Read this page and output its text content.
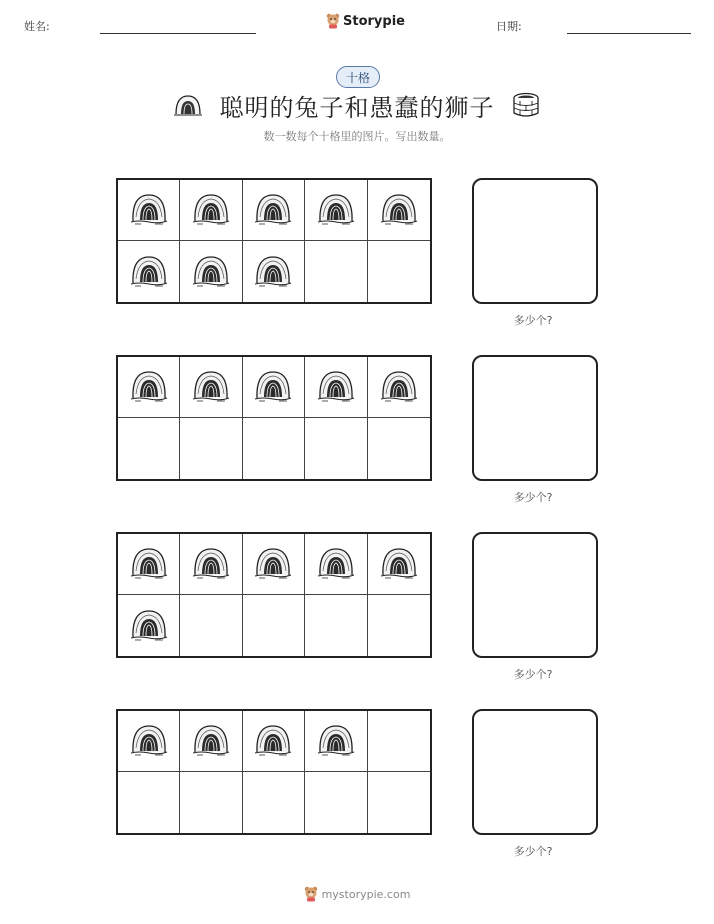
姓名:	Storypie	日期:
十格
聪明的兔子和愚蠢的狮子
数一数每个十格里的图片。写出数量。
多少个?
多少个?
多少个?
多少个?
mystorypie.com
